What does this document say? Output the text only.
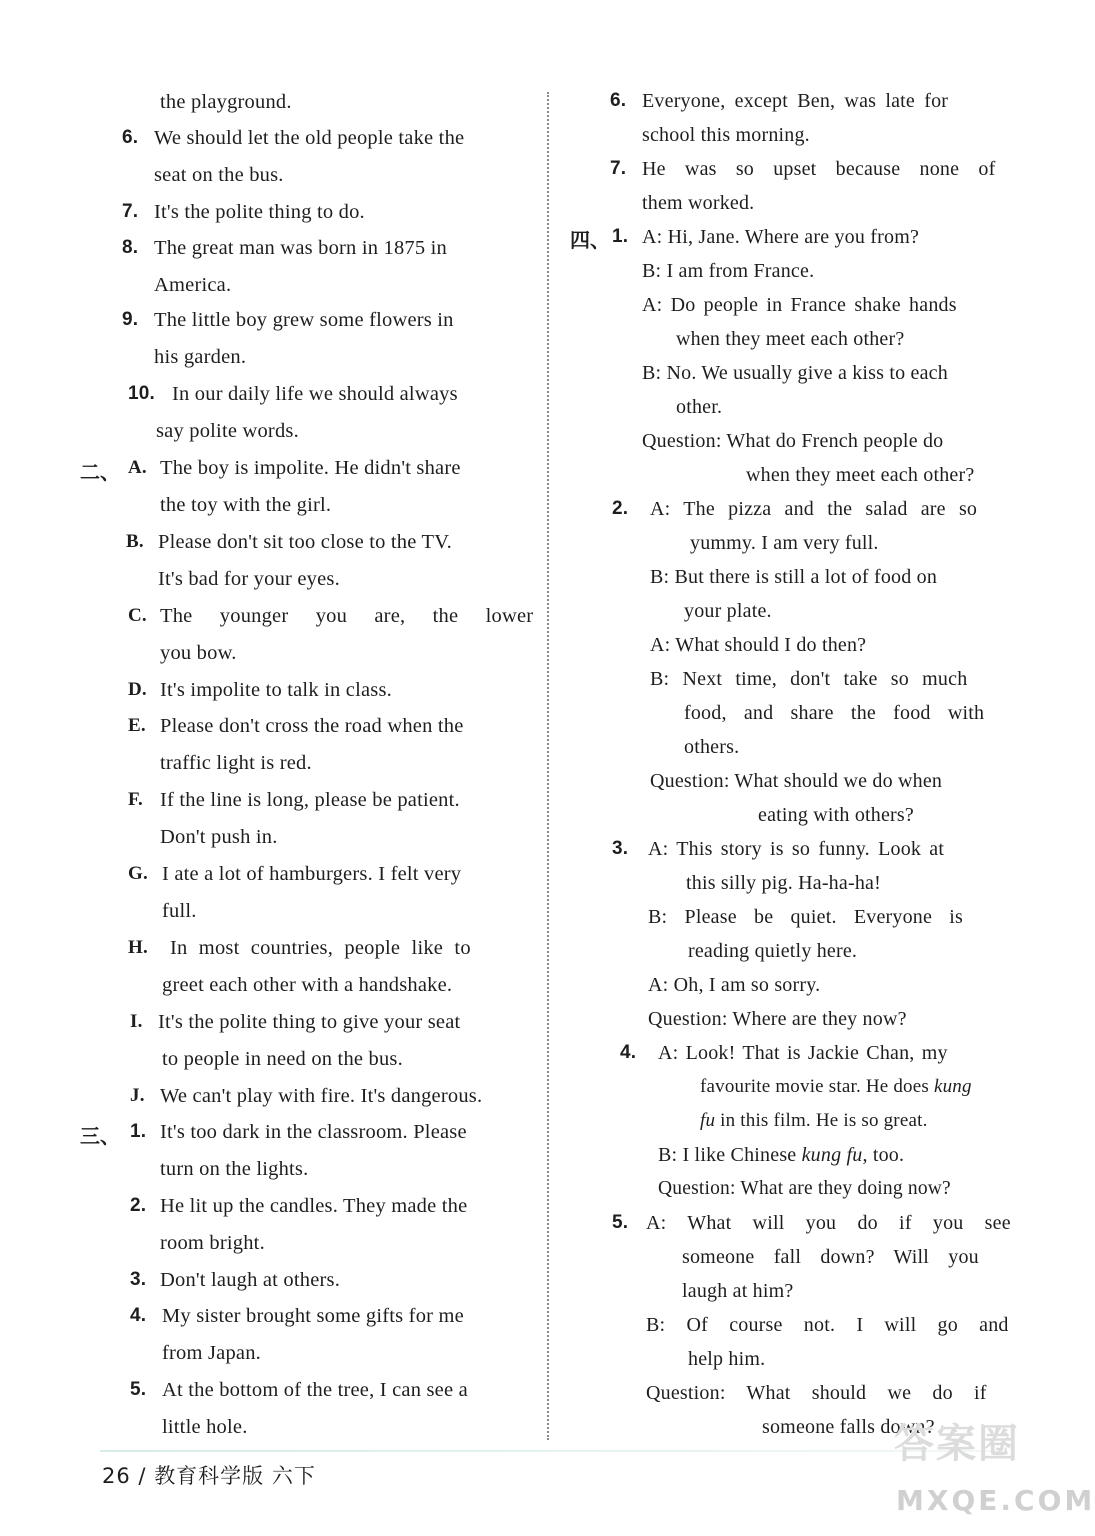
the playground.
6. We should let the old people take the
seat on the bus.
7. It's the polite thing to do.
8. The great man was born in 1875 in
America.
9. The little boy grew some flowers in
his garden.
10. In our daily life we should always
say polite words.
二、 A. The boy is impolite. He didn't share
the toy with the girl.
B. Please don't sit too close to the TV.
It's bad for your eyes.
C. The younger you are, the lower
you bow.
D. It's impolite to talk in class.
E. Please don't cross the road when the
traffic light is red.
F. If the line is long, please be patient.
Don't push in.
G. I ate a lot of hamburgers. I felt very
full.
H. In most countries, people like to
greet each other with a handshake.
I. It's the polite thing to give your seat
to people in need on the bus.
J. We can't play with fire. It's dangerous.
三、 1. It's too dark in the classroom. Please
turn on the lights.
2. He lit up the candles. They made the
room bright.
3. Don't laugh at others.
4. My sister brought some gifts for me
from Japan.
5. At the bottom of the tree, I can see a
little hole.
6. Everyone, except Ben, was late for
school this morning.
7. He was so upset because none of
them worked.
四、 1. A: Hi, Jane. Where are you from?
B: I am from France.
A: Do people in France shake hands
when they meet each other?
B: No. We usually give a kiss to each
other.
Question: What do French people do
when they meet each other?
2. A: The pizza and the salad are so
yummy. I am very full.
B: But there is still a lot of food on
your plate.
A: What should I do then?
B: Next time, don't take so much
food, and share the food with
others.
Question: What should we do when
eating with others?
3. A: This story is so funny. Look at
this silly pig. Ha-ha-ha!
B: Please be quiet. Everyone is
reading quietly here.
A: Oh, I am so sorry.
Question: Where are they now?
4. A: Look! That is Jackie Chan, my
favourite movie star. He does kung
fu in this film. He is so great.
B: I like Chinese kung fu, too.
Question: What are they doing now?
5. A: What will you do if you see
someone fall down? Will you
laugh at him?
B: Of course not. I will go and
help him.
Question: What should we do if
someone falls down?
26 / 教育科学版 六下
答案圈
MXQE.COM
